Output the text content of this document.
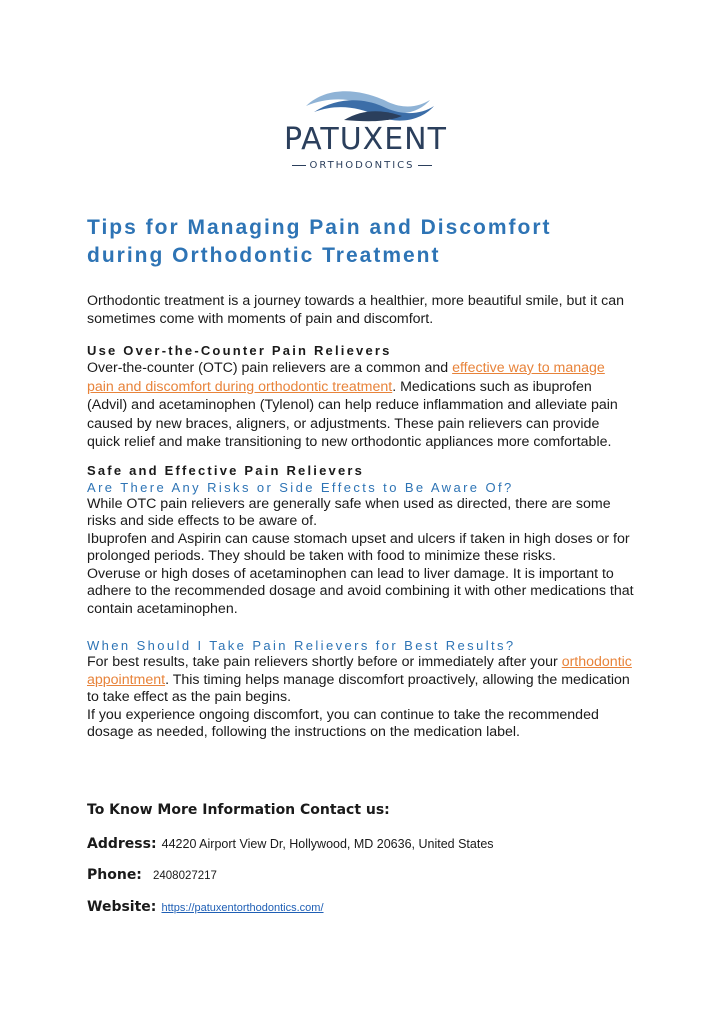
PATUXENT
ORTHODONTICS
Tips for Managing Pain and Discomfort
during Orthodontic Treatment

Orthodontic treatment is a journey towards a healthier, more beautiful smile, but it can sometimes come with moments of pain and discomfort.

Use Over-the-Counter Pain Relievers

Over-the-counter (OTC) pain relievers are a common and effective way to manage pain and discomfort during orthodontic treatment. Medications such as ibuprofen (Advil) and acetaminophen (Tylenol) can help reduce inflammation and alleviate pain caused by new braces, aligners, or adjustments. These pain relievers can provide quick relief and make transitioning to new orthodontic appliances more comfortable.

Safe and Effective Pain Relievers

Are There Any Risks or Side Effects to Be Aware Of?

While OTC pain relievers are generally safe when used as directed, there are some risks and side effects to be aware of.

Ibuprofen and Aspirin can cause stomach upset and ulcers if taken in high doses or for prolonged periods. They should be taken with food to minimize these risks.

Overuse or high doses of acetaminophen can lead to liver damage. It is important to adhere to the recommended dosage and avoid combining it with other medications that contain acetaminophen.

When Should I Take Pain Relievers for Best Results?

For best results, take pain relievers shortly before or immediately after your orthodontic appointment. This timing helps manage discomfort proactively, allowing the medication to take effect as the pain begins.

If you experience ongoing discomfort, you can continue to take the recommended dosage as needed, following the instructions on the medication label.

To Know More Information Contact us:
Address: 44220 Airport View Dr, Hollywood, MD 20636, United States
Phone: 2408027217
Website: https://patuxentorthodontics.com/
